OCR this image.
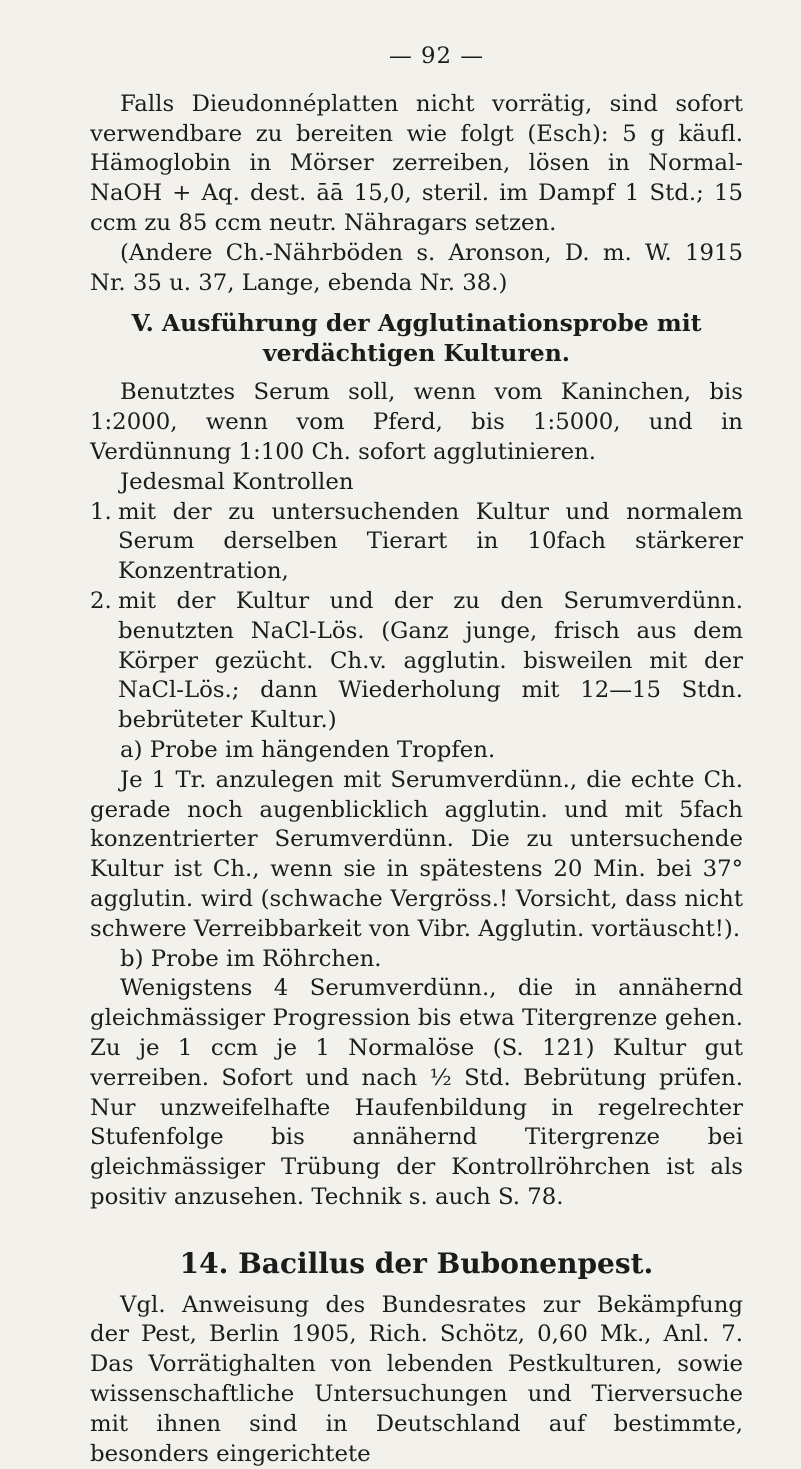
— 92 —

Falls Dieudonnéplatten nicht vorrätig, sind sofort verwendbare zu bereiten wie folgt (Esch): 5 g käufl. Hämoglobin in Mörser zerreiben, lösen in Normal-NaOH + Aq. dest. āā 15,0, steril. im Dampf 1 Std.; 15 ccm zu 85 ccm neutr. Nähragars setzen.

(Andere Ch.-Nährböden s. Aronson, D. m. W. 1915 Nr. 35 u. 37, Lange, ebenda Nr. 38.)

V. Ausführung der Agglutinationsprobe mit verdächtigen Kulturen.

Benutztes Serum soll, wenn vom Kaninchen, bis 1:2000, wenn vom Pferd, bis 1:5000, und in Verdünnung 1:100 Ch. sofort agglutinieren.

Jedesmal Kontrollen

1. mit der zu untersuchenden Kultur und normalem Serum derselben Tierart in 10fach stärkerer Konzentration,
2. mit der Kultur und der zu den Serumverdünn. benutzten NaCl-Lös. (Ganz junge, frisch aus dem Körper gezücht. Ch.v. agglutin. bisweilen mit der NaCl-Lös.; dann Wiederholung mit 12—15 Stdn. bebrüteter Kultur.)

a) Probe im hängenden Tropfen.

Je 1 Tr. anzulegen mit Serumverdünn., die echte Ch. gerade noch augenblicklich agglutin. und mit 5fach konzentrierter Serumverdünn. Die zu untersuchende Kultur ist Ch., wenn sie in spätestens 20 Min. bei 37° agglutin. wird (schwache Vergröss.! Vorsicht, dass nicht schwere Verreibbarkeit von Vibr. Agglutin. vortäuscht!).

b) Probe im Röhrchen.

Wenigstens 4 Serumverdünn., die in annähernd gleichmässiger Progression bis etwa Titergrenze gehen. Zu je 1 ccm je 1 Normalöse (S. 121) Kultur gut verreiben. Sofort und nach ½ Std. Bebrütung prüfen. Nur unzweifelhafte Haufenbildung in regelrechter Stufenfolge bis annähernd Titergrenze bei gleichmässiger Trübung der Kontrollröhrchen ist als positiv anzusehen. Technik s. auch S. 78.

14. Bacillus der Bubonenpest.

Vgl. Anweisung des Bundesrates zur Bekämpfung der Pest, Berlin 1905, Rich. Schötz, 0,60 Mk., Anl. 7. Das Vorrätighalten von lebenden Pestkulturen, sowie wissenschaftliche Untersuchungen und Tierversuche mit ihnen sind in Deutschland auf bestimmte, besonders eingerichtete
